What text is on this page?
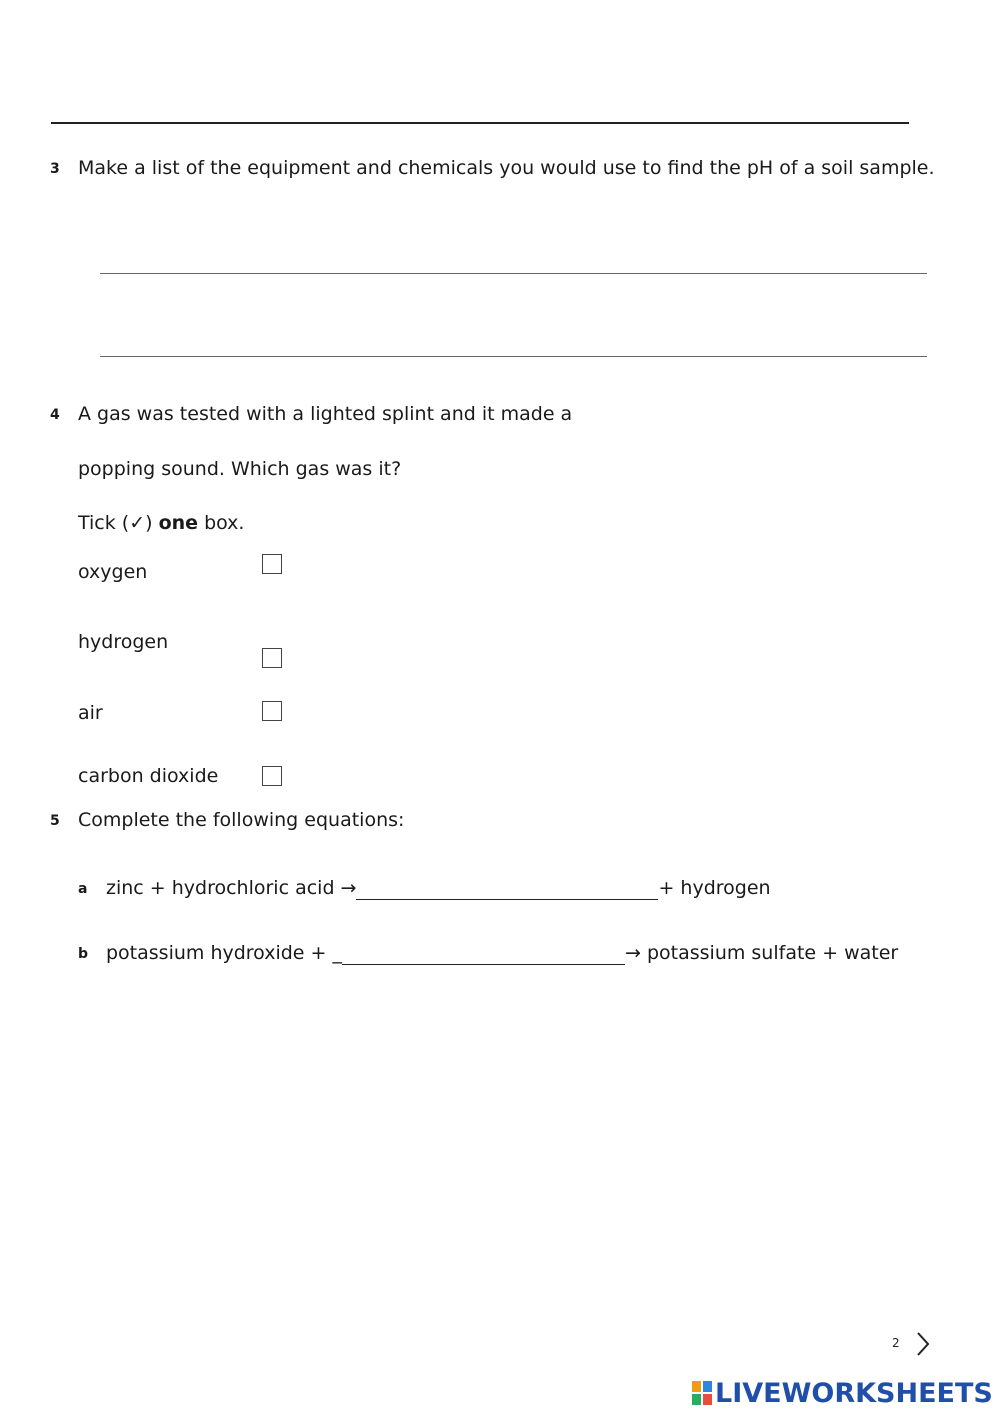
3 Make a list of the equipment and chemicals you would use to find the pH of a soil sample.
4 A gas was tested with a lighted splint and it made a
popping sound. Which gas was it?
Tick (✓) one box.
oxygen
hydrogen
air
carbon dioxide
5 Complete the following equations:
a zinc + hydrochloric acid →	+ hydrogen
b potassium hydroxide + _	→ potassium sulfate + water
2
LIVEWORKSHEETS
